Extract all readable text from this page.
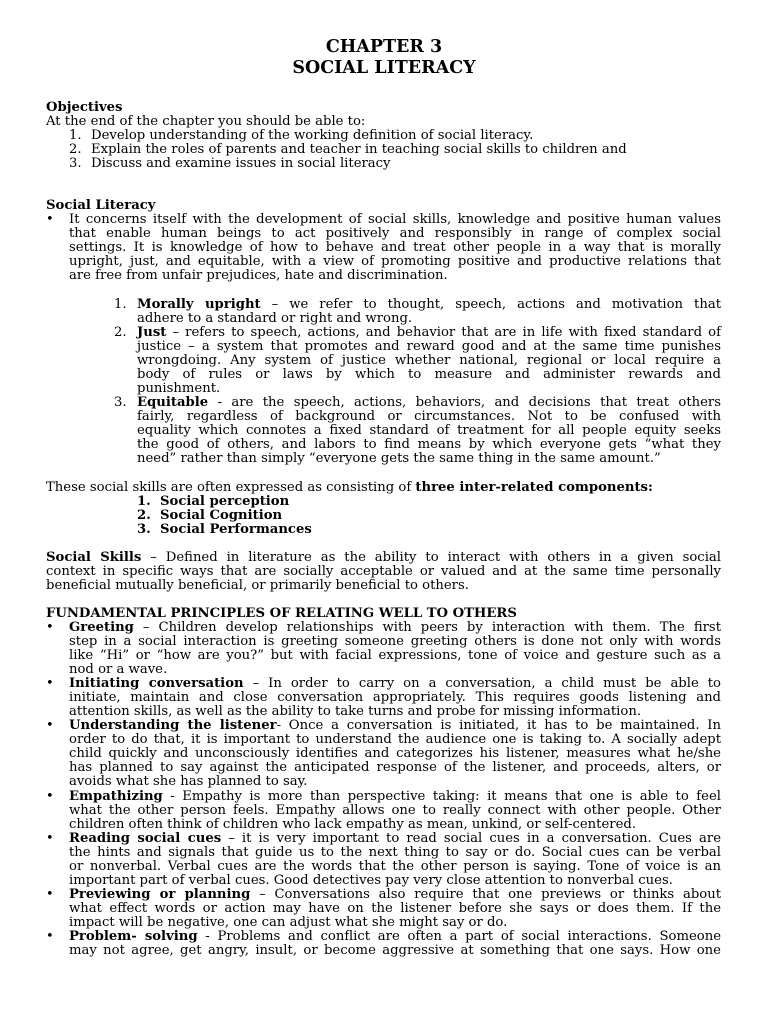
CHAPTER 3
SOCIAL LITERACY
Objectives
At the end of the chapter you should be able to:
1. Develop understanding of the working definition of social literacy.
2. Explain the roles of parents and teacher in teaching social skills to children and
3. Discuss and examine issues in social literacy
Social Literacy
• It concerns itself with the development of social skills, knowledge and positive human values
that enable human beings to act positively and responsibly in range of complex social
settings. It is knowledge of how to behave and treat other people in a way that is morally
upright, just, and equitable, with a view of promoting positive and productive relations that
are free from unfair prejudices, hate and discrimination.
1. Morally upright – we refer to thought, speech, actions and motivation that
adhere to a standard or right and wrong.
2. Just – refers to speech, actions, and behavior that are in life with fixed standard of
justice – a system that promotes and reward good and at the same time punishes
wrongdoing. Any system of justice whether national, regional or local require a
body of rules or laws by which to measure and administer rewards and
punishment.
3. Equitable - are the speech, actions, behaviors, and decisions that treat others
fairly, regardless of background or circumstances. Not to be confused with
equality which connotes a fixed standard of treatment for all people equity seeks
the good of others, and labors to find means by which everyone gets “what they
need” rather than simply “everyone gets the same thing in the same amount.”
These social skills are often expressed as consisting of three inter-related components:
1. Social perception
2. Social Cognition
3. Social Performances
Social Skills – Defined in literature as the ability to interact with others in a given social
context in specific ways that are socially acceptable or valued and at the same time personally
beneficial mutually beneficial, or primarily beneficial to others.
FUNDAMENTAL PRINCIPLES OF RELATING WELL TO OTHERS
• Greeting – Children develop relationships with peers by interaction with them. The first
step in a social interaction is greeting someone greeting others is done not only with words
like “Hi” or “how are you?” but with facial expressions, tone of voice and gesture such as a
nod or a wave.
• Initiating conversation – In order to carry on a conversation, a child must be able to
initiate, maintain and close conversation appropriately. This requires goods listening and
attention skills, as well as the ability to take turns and probe for missing information.
• Understanding the listener- Once a conversation is initiated, it has to be maintained. In
order to do that, it is important to understand the audience one is taking to. A socially adept
child quickly and unconsciously identifies and categorizes his listener, measures what he/she
has planned to say against the anticipated response of the listener, and proceeds, alters, or
avoids what she has planned to say.
• Empathizing - Empathy is more than perspective taking: it means that one is able to feel
what the other person feels. Empathy allows one to really connect with other people. Other
children often think of children who lack empathy as mean, unkind, or self-centered.
• Reading social cues – it is very important to read social cues in a conversation. Cues are
the hints and signals that guide us to the next thing to say or do. Social cues can be verbal
or nonverbal. Verbal cues are the words that the other person is saying. Tone of voice is an
important part of verbal cues. Good detectives pay very close attention to nonverbal cues.
• Previewing or planning – Conversations also require that one previews or thinks about
what effect words or action may have on the listener before she says or does them. If the
impact will be negative, one can adjust what she might say or do.
• Problem- solving - Problems and conflict are often a part of social interactions. Someone
may not agree, get angry, insult, or become aggressive at something that one says. How one
